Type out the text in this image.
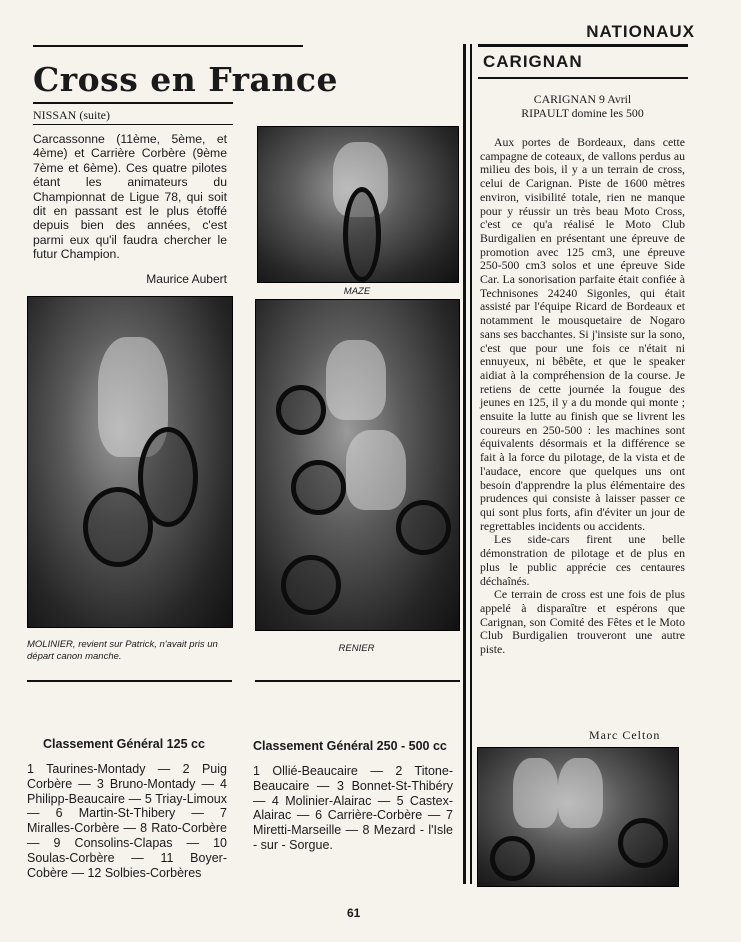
NATIONAUX
Cross en France
NISSAN (suite)
Carcassonne (11ème, 5ème, et 4ème) et Carrière Corbère (9ème 7ème et 6ème). Ces quatre pilotes étant les animateurs du Championnat de Ligue 78, qui soit dit en passant est le plus étoffé depuis bien des années, c'est parmi eux qu'il faudra chercher le futur Champion.
Maurice Aubert
MOLINIER, revient sur Patrick, n'avait pris un départ canon manche.
Classement Général 125 cc
1 Taurines-Montady — 2 Puig Corbère — 3 Bruno-Montady — 4 Philipp-Beaucaire — 5 Triay-Limoux — 6 Martin-St-Thibery — 7 Miralles-Corbère — 8 Rato-Corbère — 9 Consolins-Clapas — 10 Soulas-Corbère — 11 Boyer-Cobère — 12 Solbies-Corbères
MAZE
RENIER
Classement Général 250 - 500 cc
1 Ollié-Beaucaire — 2 Titone-Beaucaire — 3 Bonnet-St-Thibéry — 4 Molinier-Alairac — 5 Castex-Alairac — 6 Carrière-Corbère — 7 Miretti-Marseille — 8 Mezard - l'Isle - sur - Sorgue.
CARIGNAN
CARIGNAN 9 Avril
RIPAULT domine les 500

Aux portes de Bordeaux, dans cette campagne de coteaux, de vallons perdus au milieu des bois, il y a un terrain de cross, celui de Carignan. Piste de 1600 mètres environ, visibilité totale, rien ne manque pour y réussir un très beau Moto Cross, c'est ce qu'a réalisé le Moto Club Burdigalien en présentant une épreuve de promotion avec 125 cm3, une épreuve 250-500 cm3 solos et une épreuve Side Car. La sonorisation parfaite était confiée à Technisones 24240 Sigonles, qui était assisté par l'équipe Ricard de Bordeaux et notamment le mousquetaire de Nogaro sans ses bacchantes. Si j'insiste sur la sono, c'est que pour une fois ce n'était ni ennuyeux, ni bêbête, et que le speaker aidiat à la compréhension de la course. Je retiens de cette journée la fougue des jeunes en 125, il y a du monde qui monte ; ensuite la lutte au finish que se livrent les coureurs en 250-500 : les machines sont équivalents désormais et la différence se fait à la force du pilotage, de la vista et de l'audace, encore que quelques uns ont besoin d'apprendre la plus élémentaire des prudences qui consiste à laisser passer ce qui sont plus forts, afin d'éviter un jour de regrettables incidents ou accidents.

Les side-cars firent une belle démonstration de pilotage et de plus en plus le public apprécie ces centaures déchaînés.

Ce terrain de cross est une fois de plus appelé à disparaître et espérons que Carignan, son Comité des Fêtes et le Moto Club Burdigalien trouveront une autre piste.

Marc Celton
61
